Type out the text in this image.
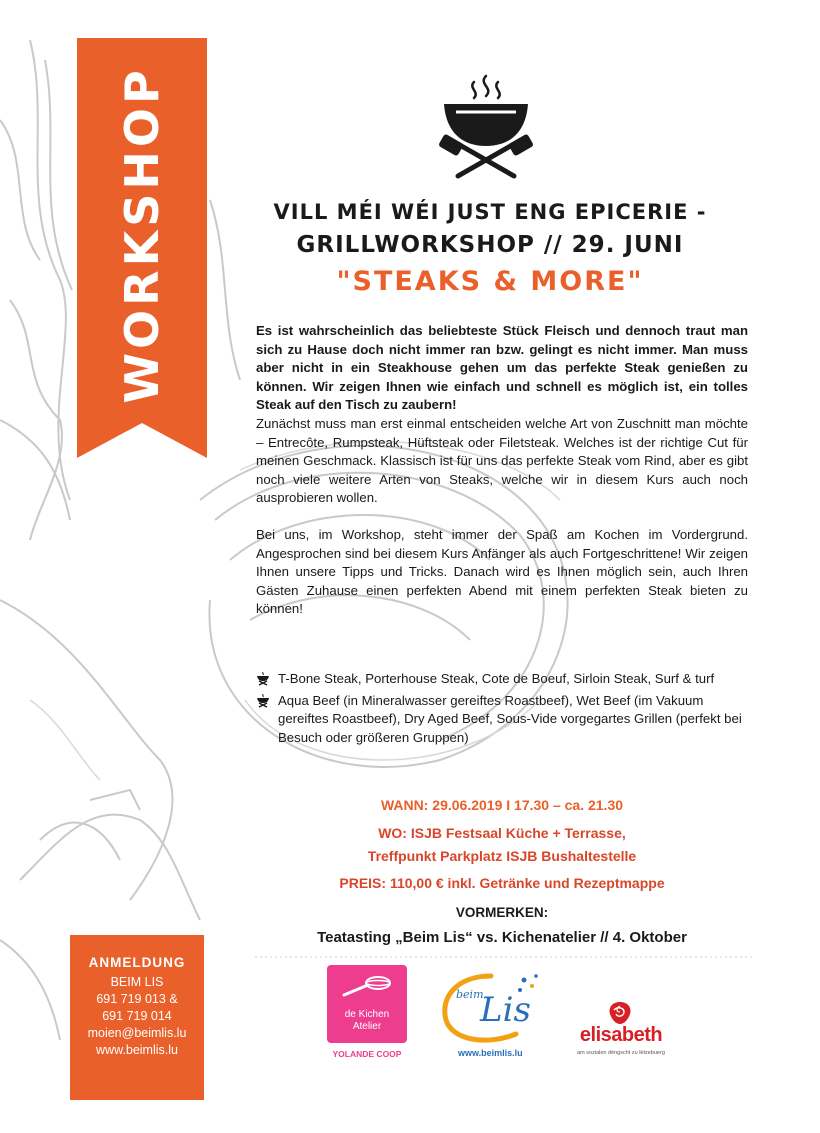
WORKSHOP	VILL MÉI WÉI JUST ENG EPICERIE -
GRILLWORKSHOP // 29. JUNI
"STEAKS & MORE"

Es ist wahrscheinlich das beliebteste Stück Fleisch und dennoch traut man sich zu Hause doch nicht immer ran bzw. gelingt es nicht immer. Man muss aber nicht in ein Steakhouse gehen um das perfekte Steak genießen zu können. Wir zeigen Ihnen wie einfach und schnell es möglich ist, ein tolles Steak auf den Tisch zu zaubern!

Zunächst muss man erst einmal entscheiden welche Art von Zuschnitt man möchte – Entrecôte, Rumpsteak, Hüftsteak oder Filetsteak. Welches ist der richtige Cut für meinen Geschmack. Klassisch ist für uns das perfekte Steak vom Rind, aber es gibt noch viele weitere Arten von Steaks, welche wir in diesem Kurs auch noch ausprobieren wollen.

Bei uns, im Workshop, steht immer der Spaß am Kochen im Vordergrund. Angesprochen sind bei diesem Kurs Anfänger als auch Fortgeschrittene! Wir zeigen Ihnen unsere Tipps und Tricks. Danach wird es Ihnen möglich sein, auch Ihren Gästen Zuhause einen perfekten Abend mit einem perfekten Steak bieten zu können!

T-Bone Steak, Porterhouse Steak, Cote de Boeuf, Sirloin Steak, Surf & turf
Aqua Beef (in Mineralwasser gereiftes Roastbeef), Wet Beef (im Vakuum gereiftes Roastbeef), Dry Aged Beef, Sous-Vide vorgegartes Grillen (perfekt bei Besuch oder größeren Gruppen)
WANN: 29.06.2019 I 17.30 – ca. 21.30
WO: ISJB Festsaal Küche + Terrasse,
Treffpunkt Parkplatz ISJB Bushaltestelle
PREIS: 110,00 € inkl. Getränke und Rezeptmappe
VORMERKEN:
Teatasting „Beim Lis“ vs. Kichenatelier // 4. Oktober
ANMELDUNG
BEIM LIS
691 719 013 &
691 719 014
moien@beimlis.lu
www.beimlis.lu
de Kichen
Atelier
YOLANDE COOP
beim
Lis
www.beimlis.lu
elisabeth
am sozialen déngscht zu lëtzebuerg
